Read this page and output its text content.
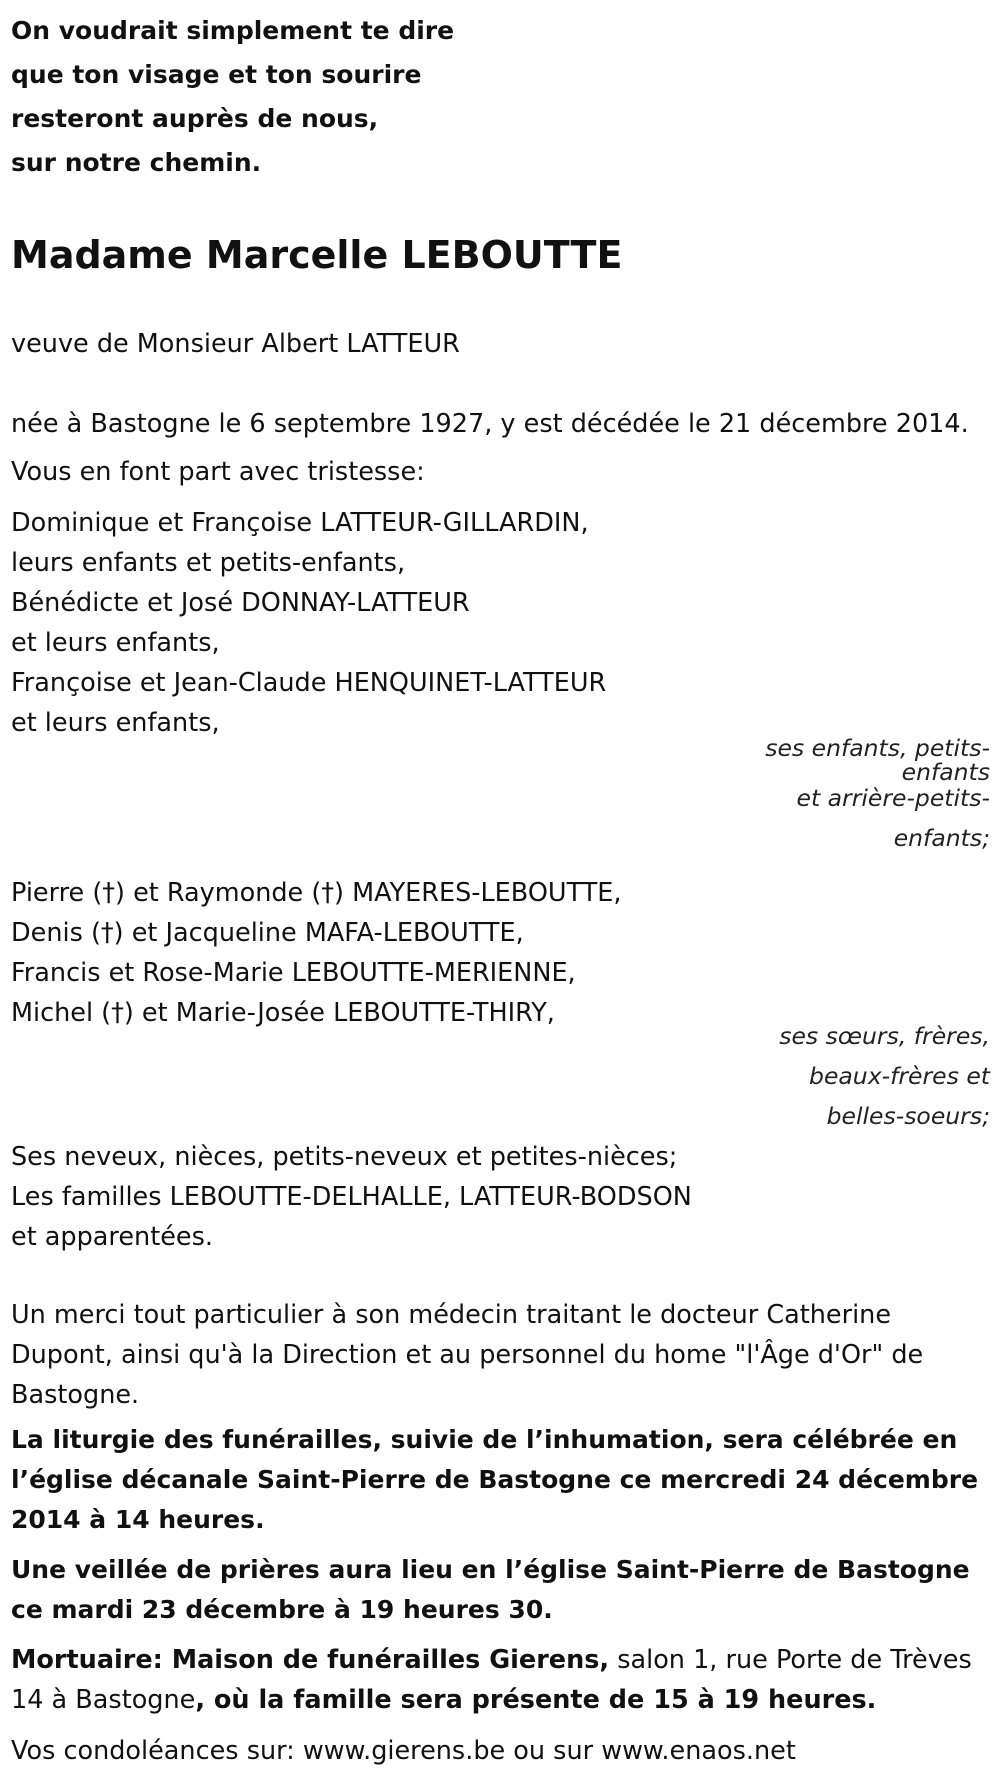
On voudrait simplement te dire
que ton visage et ton sourire
resteront auprès de nous,
sur notre chemin.
Madame Marcelle LEBOUTTE
veuve de Monsieur Albert LATTEUR
née à Bastogne le 6 septembre 1927, y est décédée le 21 décembre 2014.
Vous en font part avec tristesse:
Dominique et Françoise LATTEUR-GILLARDIN,
leurs enfants et petits-enfants,
Bénédicte et José DONNAY-LATTEUR
et leurs enfants,
Françoise et Jean-Claude HENQUINET-LATTEUR
et leurs enfants,
ses enfants, petits-
enfants
et arrière-petits-
enfants;
Pierre (†) et Raymonde (†) MAYERES-LEBOUTTE,
Denis (†) et Jacqueline MAFA-LEBOUTTE,
Francis et Rose-Marie LEBOUTTE-MERIENNE,
Michel (†) et Marie-Josée LEBOUTTE-THIRY,
ses sœurs, frères,
beaux-frères et
belles-soeurs;
Ses neveux, nièces, petits-neveux et petites-nièces;
Les familles LEBOUTTE-DELHALLE, LATTEUR-BODSON
et apparentées.
Un merci tout particulier à son médecin traitant le docteur Catherine Dupont, ainsi qu'à la Direction et au personnel du home "l'Âge d'Or" de Bastogne.
La liturgie des funérailles, suivie de l’inhumation, sera célébrée en l’église décanale Saint-Pierre de Bastogne ce mercredi 24 décembre 2014 à 14 heures.
Une veillée de prières aura lieu en l’église Saint-Pierre de Bastogne ce mardi 23 décembre à 19 heures 30.
Mortuaire: Maison de funérailles Gierens, salon 1, rue Porte de Trèves 14 à Bastogne, où la famille sera présente de 15 à 19 heures.
Vos condoléances sur: www.gierens.be ou sur www.enaos.net
